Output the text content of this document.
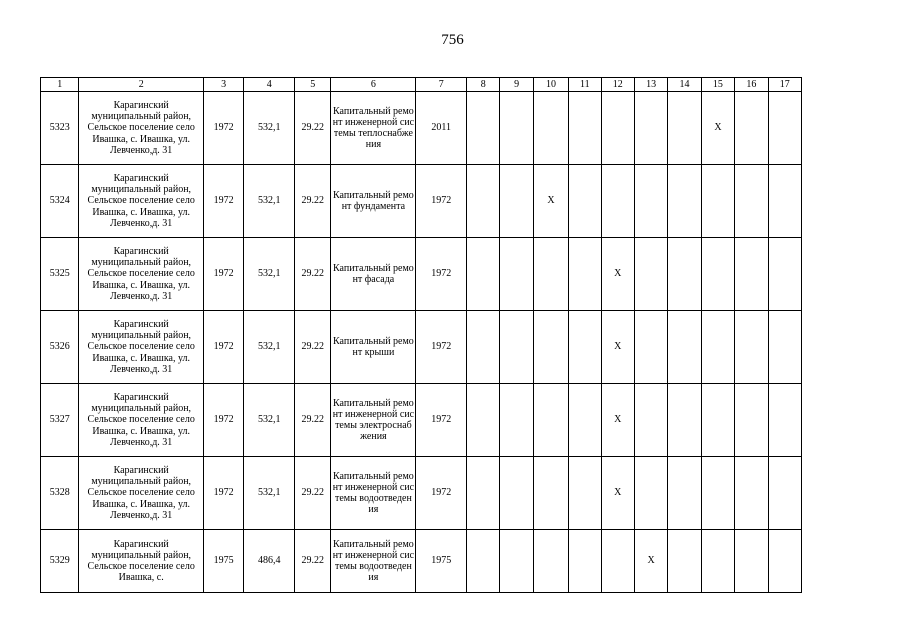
756
1	2	3	4	5	6	7	8	9	10	11	12	13	14	15	16	17
5323	Карагинский муниципальный район, Сельское поселение село Ивашка, с. Ивашка, ул. Левченко,д. 31	1972	532,1	29.22	Капитальный ремонт инженерной системы теплоснабжения	2011								X		
5324	Карагинский муниципальный район, Сельское поселение село Ивашка, с. Ивашка, ул. Левченко,д. 31	1972	532,1	29.22	Капитальный ремонт фундамента	1972			X							
5325	Карагинский муниципальный район, Сельское поселение село Ивашка, с. Ивашка, ул. Левченко,д. 31	1972	532,1	29.22	Капитальный ремонт фасада	1972					X					
5326	Карагинский муниципальный район, Сельское поселение село Ивашка, с. Ивашка, ул. Левченко,д. 31	1972	532,1	29.22	Капитальный ремонт крыши	1972					X					
5327	Карагинский муниципальный район, Сельское поселение село Ивашка, с. Ивашка, ул. Левченко,д. 31	1972	532,1	29.22	Капитальный ремонт инженерной системы электроснабжения	1972					X					
5328	Карагинский муниципальный район, Сельское поселение село Ивашка, с. Ивашка, ул. Левченко,д. 31	1972	532,1	29.22	Капитальный ремонт инженерной системы водоотведения	1972					X					
5329	Карагинский муниципальный район, Сельское поселение село Ивашка, с.	1975	486,4	29.22	Капитальный ремонт инженерной системы водоотведения	1975						X				
